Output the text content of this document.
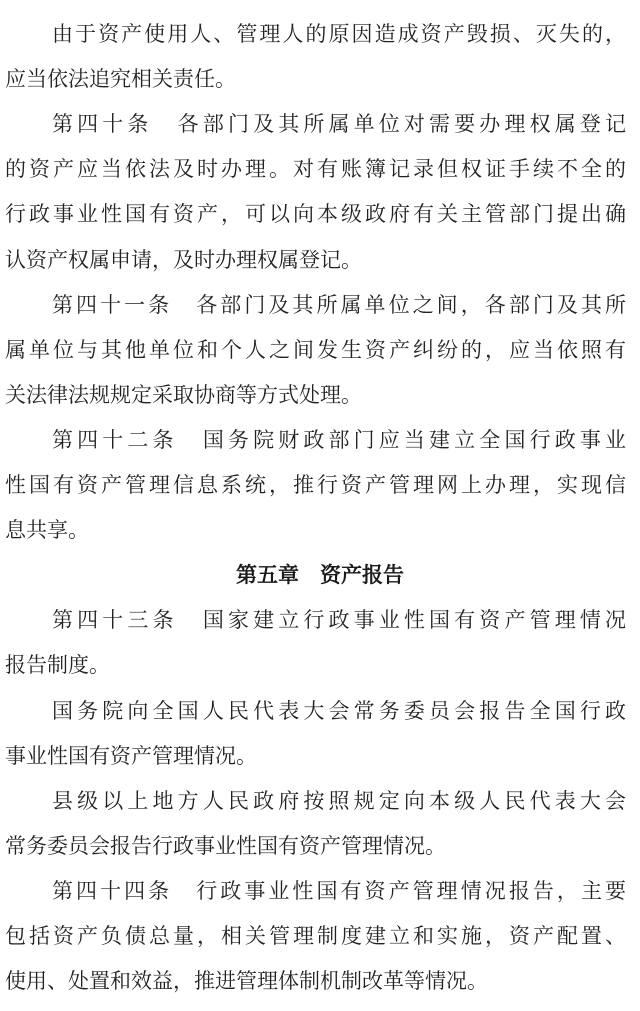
由于资产使用人、管理人的原因造成资产毁损、灭失的，
应当依法追究相关责任。
第四十条　各部门及其所属单位对需要办理权属登记
的资产应当依法及时办理。对有账簿记录但权证手续不全的
行政事业性国有资产，可以向本级政府有关主管部门提出确
认资产权属申请，及时办理权属登记。
第四十一条　各部门及其所属单位之间，各部门及其所
属单位与其他单位和个人之间发生资产纠纷的，应当依照有
关法律法规规定采取协商等方式处理。
第四十二条　国务院财政部门应当建立全国行政事业
性国有资产管理信息系统，推行资产管理网上办理，实现信
息共享。
第五章　资产报告
第四十三条　国家建立行政事业性国有资产管理情况
报告制度。
国务院向全国人民代表大会常务委员会报告全国行政
事业性国有资产管理情况。
县级以上地方人民政府按照规定向本级人民代表大会
常务委员会报告行政事业性国有资产管理情况。
第四十四条　行政事业性国有资产管理情况报告，主要
包括资产负债总量，相关管理制度建立和实施，资产配置、
使用、处置和效益，推进管理体制机制改革等情况。
